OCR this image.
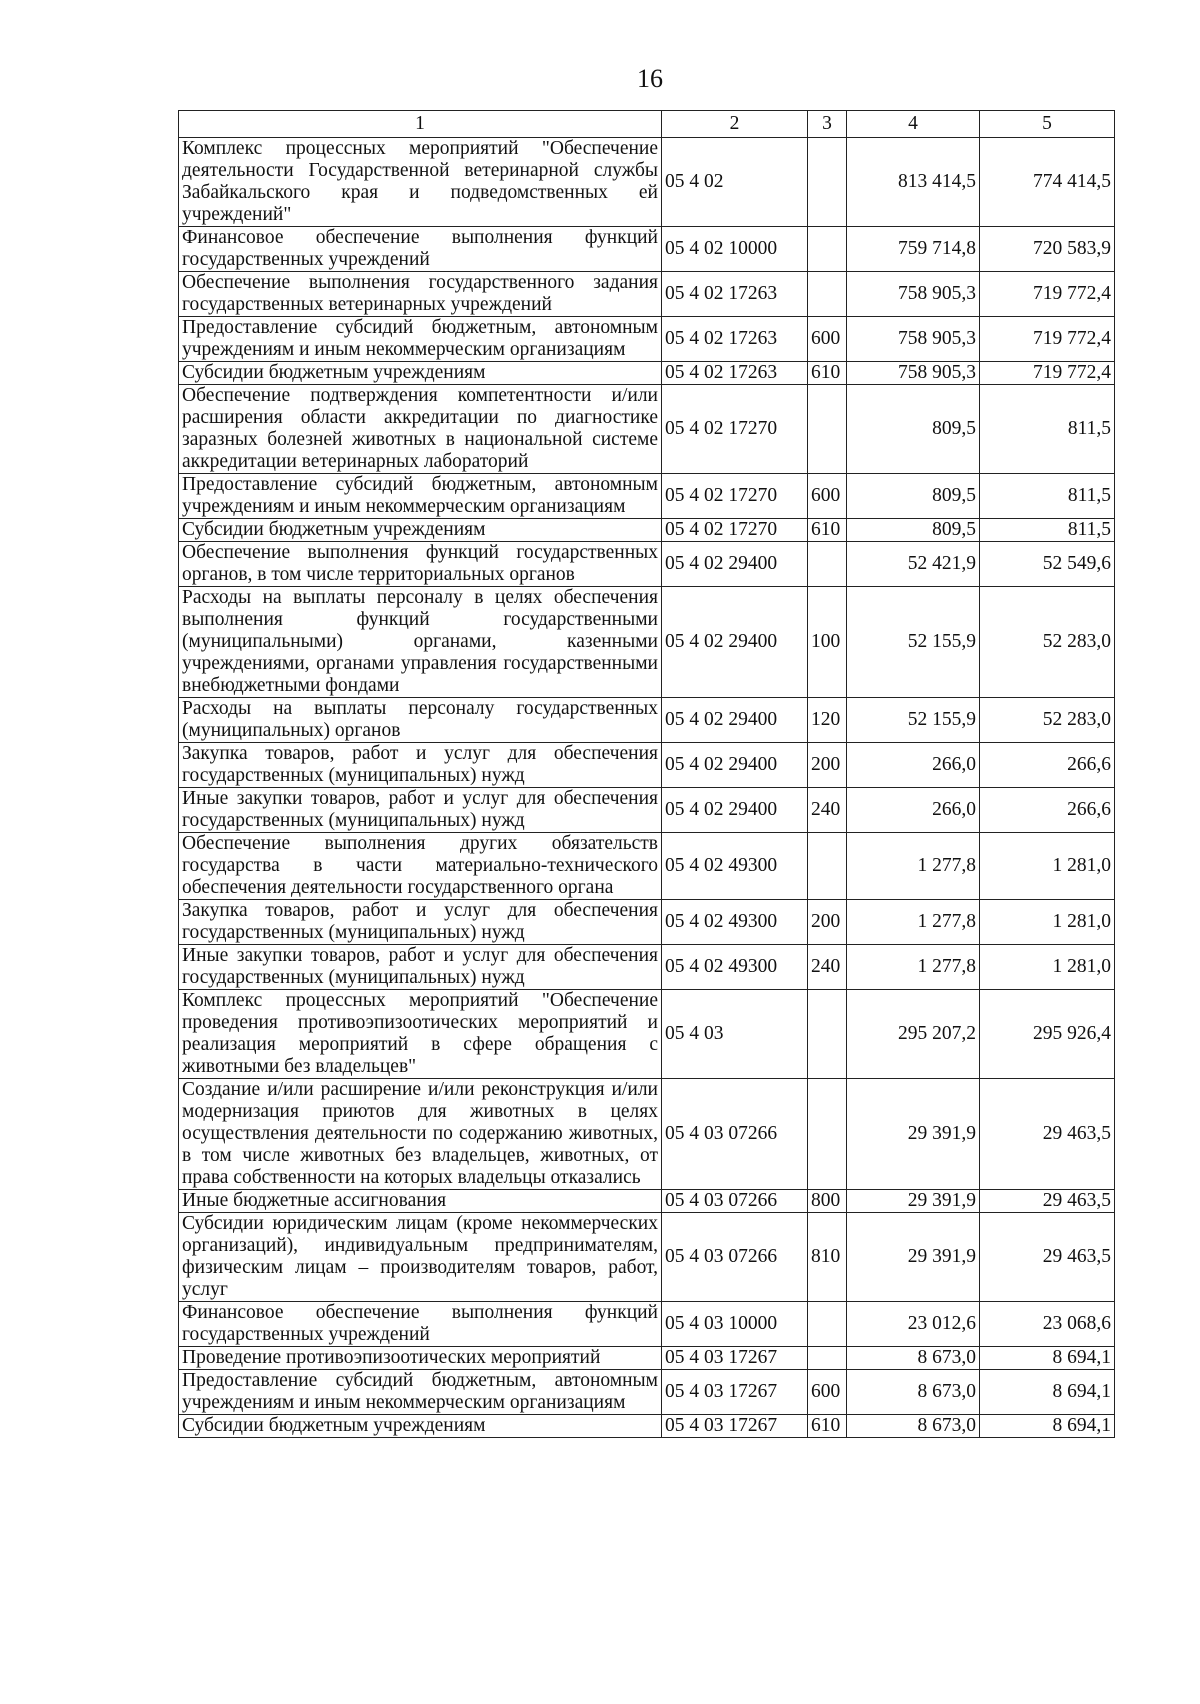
16
1	2	3	4	5
Комплекс процессных мероприятий "Обеспечение деятельности Государственной ветеринарной службы Забайкальского края и подведомственных ей учреждений"	05 4 02		813 414,5	774 414,5
Финансовое обеспечение выполнения функций государственных учреждений	05 4 02 10000		759 714,8	720 583,9
Обеспечение выполнения государственного задания государственных ветеринарных учреждений	05 4 02 17263		758 905,3	719 772,4
Предоставление субсидий бюджетным, автономным учреждениям и иным некоммерческим организациям	05 4 02 17263	600	758 905,3	719 772,4
Субсидии бюджетным учреждениям	05 4 02 17263	610	758 905,3	719 772,4
Обеспечение подтверждения компетентности и/или расширения области аккредитации по диагностике заразных болезней животных в национальной системе аккредитации ветеринарных лабораторий	05 4 02 17270		809,5	811,5
Предоставление субсидий бюджетным, автономным учреждениям и иным некоммерческим организациям	05 4 02 17270	600	809,5	811,5
Субсидии бюджетным учреждениям	05 4 02 17270	610	809,5	811,5
Обеспечение выполнения функций государственных органов, в том числе территориальных органов	05 4 02 29400		52 421,9	52 549,6
Расходы на выплаты персоналу в целях обеспечения выполнения функций государственными (муниципальными) органами, казенными учреждениями, органами управления государственными внебюджетными фондами	05 4 02 29400	100	52 155,9	52 283,0
Расходы на выплаты персоналу государственных (муниципальных) органов	05 4 02 29400	120	52 155,9	52 283,0
Закупка товаров, работ и услуг для обеспечения государственных (муниципальных) нужд	05 4 02 29400	200	266,0	266,6
Иные закупки товаров, работ и услуг для обеспечения государственных (муниципальных) нужд	05 4 02 29400	240	266,0	266,6
Обеспечение выполнения других обязательств государства в части материально-технического обеспечения деятельности государственного органа	05 4 02 49300		1 277,8	1 281,0
Закупка товаров, работ и услуг для обеспечения государственных (муниципальных) нужд	05 4 02 49300	200	1 277,8	1 281,0
Иные закупки товаров, работ и услуг для обеспечения государственных (муниципальных) нужд	05 4 02 49300	240	1 277,8	1 281,0
Комплекс процессных мероприятий "Обеспечение проведения противоэпизоотических мероприятий и реализация мероприятий в сфере обращения с животными без владельцев"	05 4 03		295 207,2	295 926,4
Создание и/или расширение и/или реконструкция и/или модернизация приютов для животных в целях осуществления деятельности по содержанию животных, в том числе животных без владельцев, животных, от права собственности на которых владельцы отказались	05 4 03 07266		29 391,9	29 463,5
Иные бюджетные ассигнования	05 4 03 07266	800	29 391,9	29 463,5
Субсидии юридическим лицам (кроме некоммерческих организаций), индивидуальным предпринимателям, физическим лицам – производителям товаров, работ, услуг	05 4 03 07266	810	29 391,9	29 463,5
Финансовое обеспечение выполнения функций государственных учреждений	05 4 03 10000		23 012,6	23 068,6
Проведение противоэпизоотических мероприятий	05 4 03 17267		8 673,0	8 694,1
Предоставление субсидий бюджетным, автономным учреждениям и иным некоммерческим организациям	05 4 03 17267	600	8 673,0	8 694,1
Субсидии бюджетным учреждениям	05 4 03 17267	610	8 673,0	8 694,1
